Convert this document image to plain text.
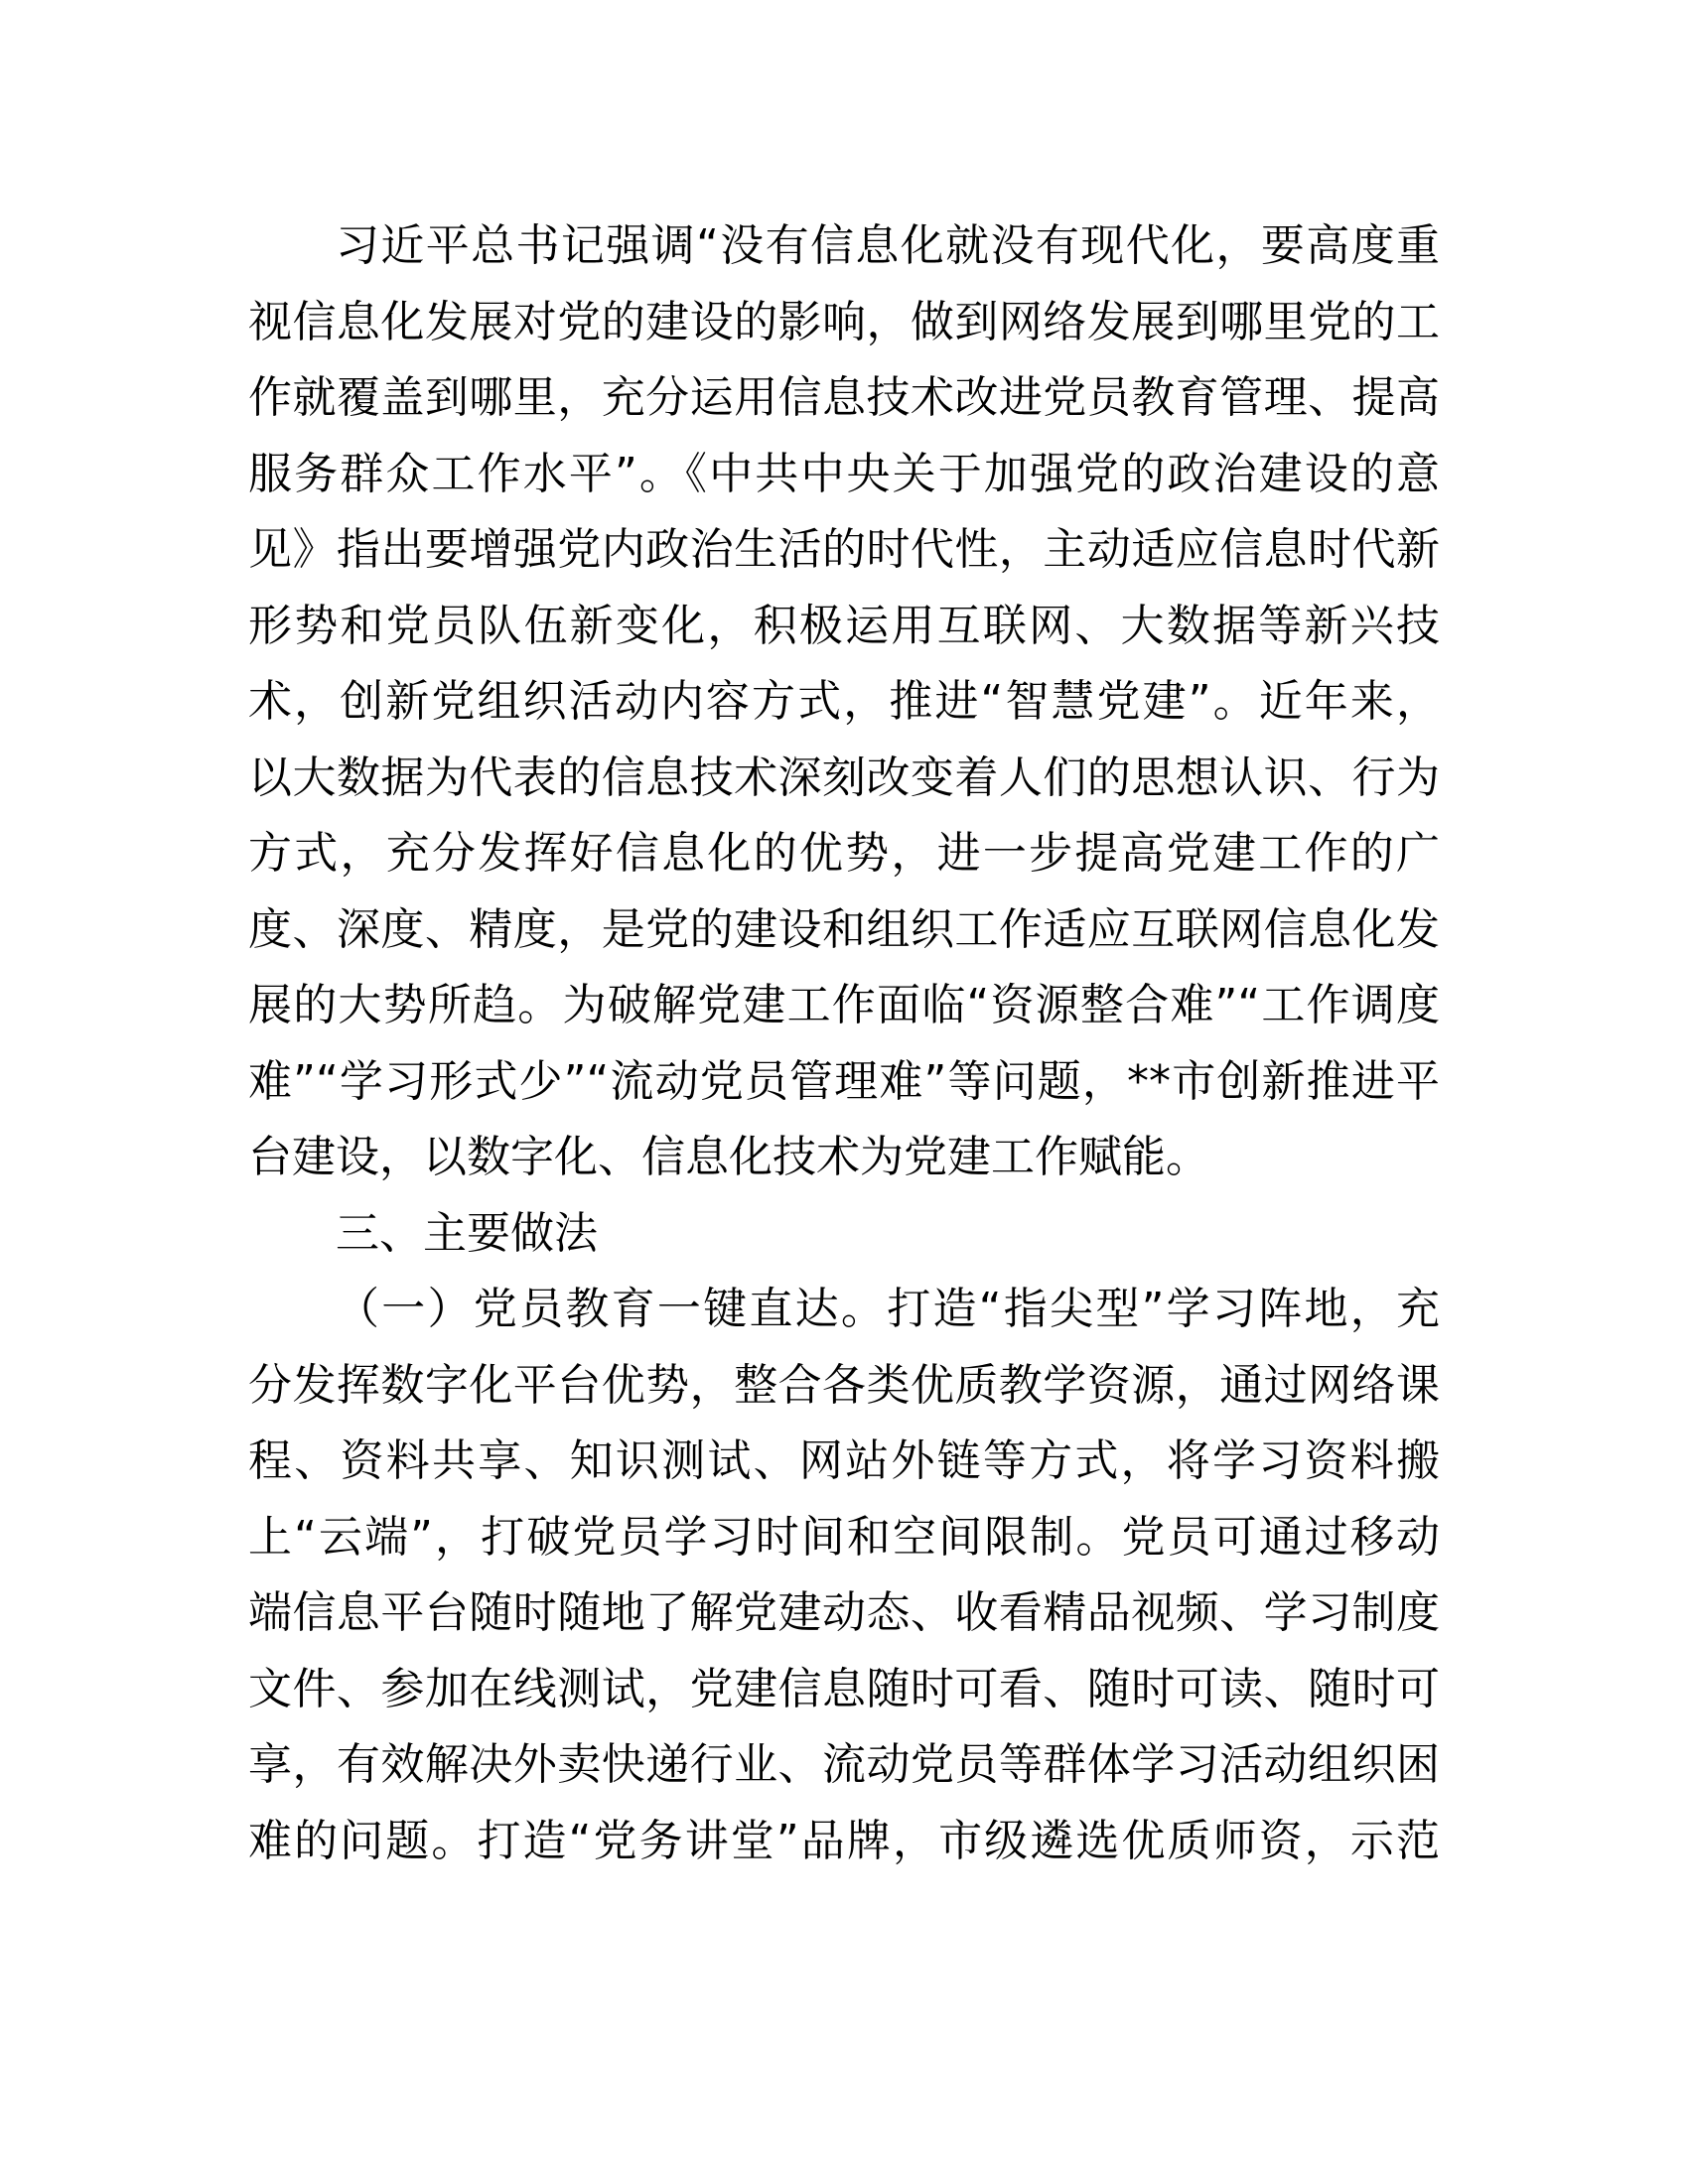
习近平总书记强调“没有信息化就没有现代化，要高度重
视信息化发展对党的建设的影响，做到网络发展到哪里党的工
作就覆盖到哪里，充分运用信息技术改进党员教育管理、提高
服务群众工作水平”。《中共中央关于加强党的政治建设的意
见》指出要增强党内政治生活的时代性，主动适应信息时代新
形势和党员队伍新变化，积极运用互联网、大数据等新兴技
术，创新党组织活动内容方式，推进“智慧党建”。近年来，
以大数据为代表的信息技术深刻改变着人们的思想认识、行为
方式，充分发挥好信息化的优势，进一步提高党建工作的广
度、深度、精度，是党的建设和组织工作适应互联网信息化发
展的大势所趋。为破解党建工作面临“资源整合难”“工作调度
难”“学习形式少”“流动党员管理难”等问题，**市创新推进平
台建设，以数字化、信息化技术为党建工作赋能。
三、主要做法
（一）党员教育一键直达。打造“指尖型”学习阵地，充
分发挥数字化平台优势，整合各类优质教学资源，通过网络课
程、资料共享、知识测试、网站外链等方式，将学习资料搬
上“云端”，打破党员学习时间和空间限制。党员可通过移动
端信息平台随时随地了解党建动态、收看精品视频、学习制度
文件、参加在线测试，党建信息随时可看、随时可读、随时可
享，有效解决外卖快递行业、流动党员等群体学习活动组织困
难的问题。打造“党务讲堂”品牌，市级遴选优质师资，示范
